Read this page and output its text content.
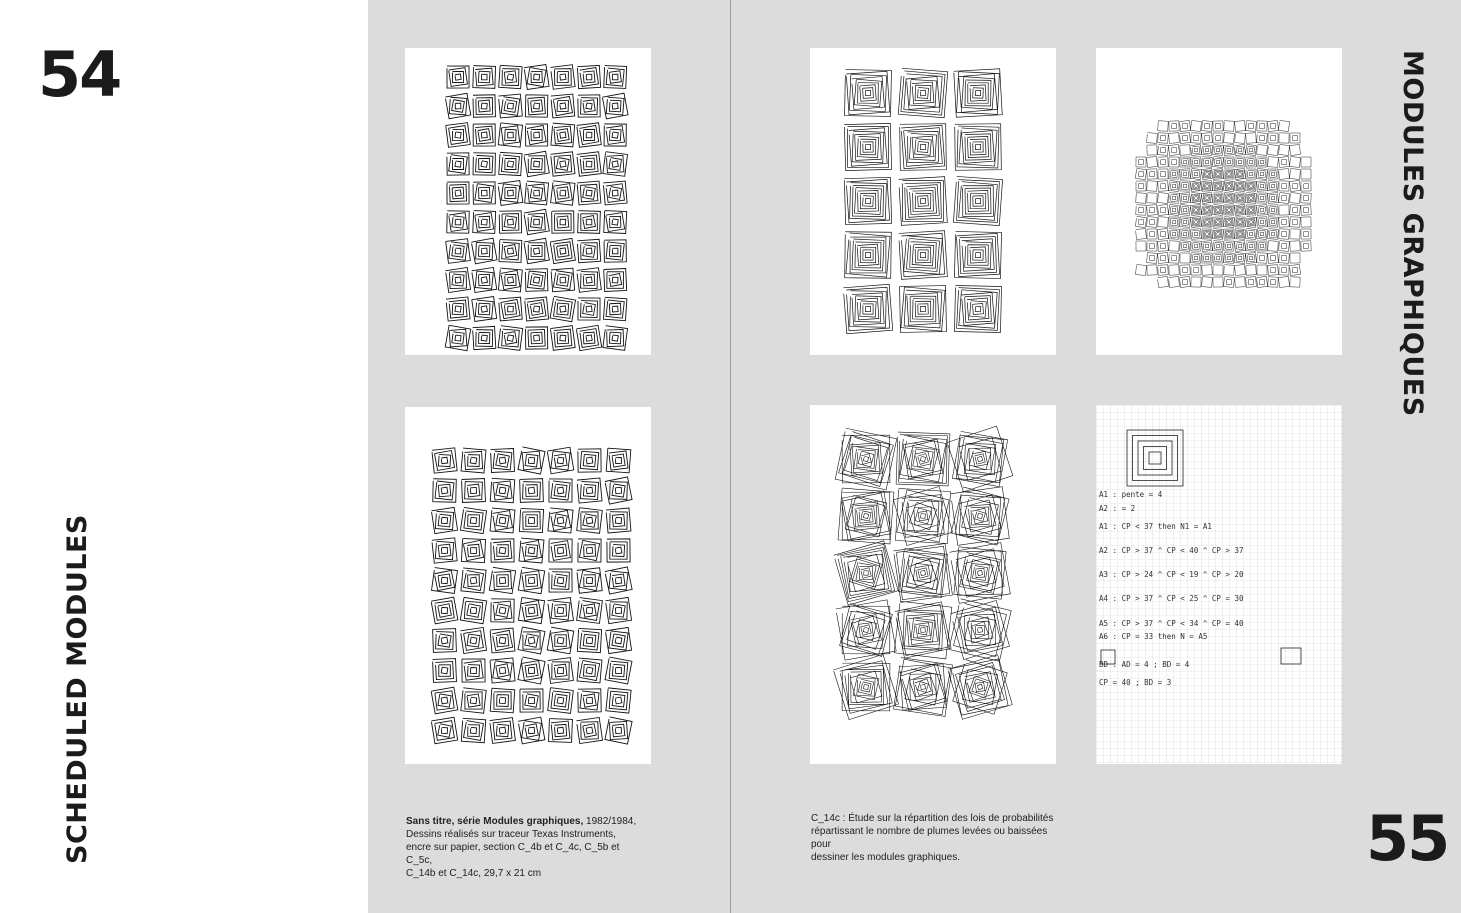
54
SCHEDULED MODULES	55
MODULES GRAPHIQUES
A1 : pente = 4
A2 : = 2
A1 : CP < 37 then N1 = A1
A2 : CP > 37 ^ CP < 40 ^ CP > 37
A3 : CP > 24 ^ CP < 19 ^ CP > 20
A4 : CP > 37 ^ CP < 25 ^ CP = 30
A5 : CP > 37 ^ CP < 34 ^ CP = 40
A6 : CP = 33 then N = A5
BD : AD = 4 ; BD = 4
CP = 40 ; BD = 3
Sans titre, série Modules graphiques, 1982/1984,
Dessins réalisés sur traceur Texas Instruments,
encre sur papier, section C_4b et C_4c, C_5b et C_5c,
C_14b et C_14c, 29,7 x 21 cm
C_14c : Étude sur la répartition des lois de probabilités
répartissant le nombre de plumes levées ou baissées pour
dessiner les modules graphiques.
